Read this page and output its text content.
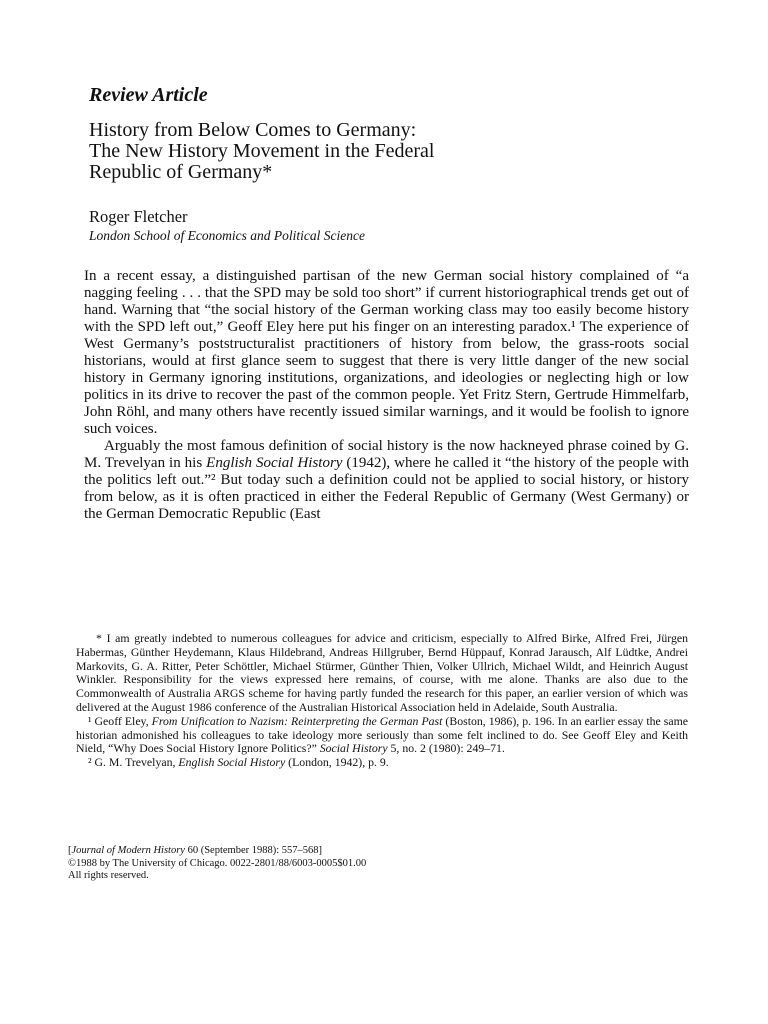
Review Article
History from Below Comes to Germany:
The New History Movement in the Federal
Republic of Germany*
Roger Fletcher
London School of Economics and Political Science

In a recent essay, a distinguished partisan of the new German social history complained of “a nagging feeling . . . that the SPD may be sold too short” if current historiographical trends get out of hand. Warning that “the social history of the German working class may too easily become history with the SPD left out,” Geoff Eley here put his finger on an interesting paradox.¹ The experience of West Germany’s poststructuralist practitioners of history from below, the grass-roots social historians, would at first glance seem to suggest that there is very little danger of the new social history in Germany ignoring institutions, organizations, and ideologies or neglecting high or low politics in its drive to recover the past of the common people. Yet Fritz Stern, Gertrude Himmelfarb, John Röhl, and many others have recently issued similar warnings, and it would be foolish to ignore such voices.

Arguably the most famous definition of social history is the now hackneyed phrase coined by G. M. Trevelyan in his English Social History (1942), where he called it “the history of the people with the politics left out.”² But today such a definition could not be applied to social history, or history from below, as it is often practiced in either the Federal Republic of Germany (West Germany) or the German Democratic Republic (East

* I am greatly indebted to numerous colleagues for advice and criticism, especially to Alfred Birke, Alfred Frei, Jürgen Habermas, Günther Heydemann, Klaus Hildebrand, Andreas Hillgruber, Bernd Hüppauf, Konrad Jarausch, Alf Lüdtke, Andrei Markovits, G. A. Ritter, Peter Schöttler, Michael Stürmer, Günther Thien, Volker Ullrich, Michael Wildt, and Heinrich August Winkler. Responsibility for the views expressed here remains, of course, with me alone. Thanks are also due to the Commonwealth of Australia ARGS scheme for having partly funded the research for this paper, an earlier version of which was delivered at the August 1986 conference of the Australian Historical Association held in Adelaide, South Australia.

¹ Geoff Eley, From Unification to Nazism: Reinterpreting the German Past (Boston, 1986), p. 196. In an earlier essay the same historian admonished his colleagues to take ideology more seriously than some felt inclined to do. See Geoff Eley and Keith Nield, “Why Does Social History Ignore Politics?” Social History 5, no. 2 (1980): 249–71.

² G. M. Trevelyan, English Social History (London, 1942), p. 9.

[Journal of Modern History 60 (September 1988): 557–568]
©1988 by The University of Chicago. 0022-2801/88/6003-0005$01.00
All rights reserved.
